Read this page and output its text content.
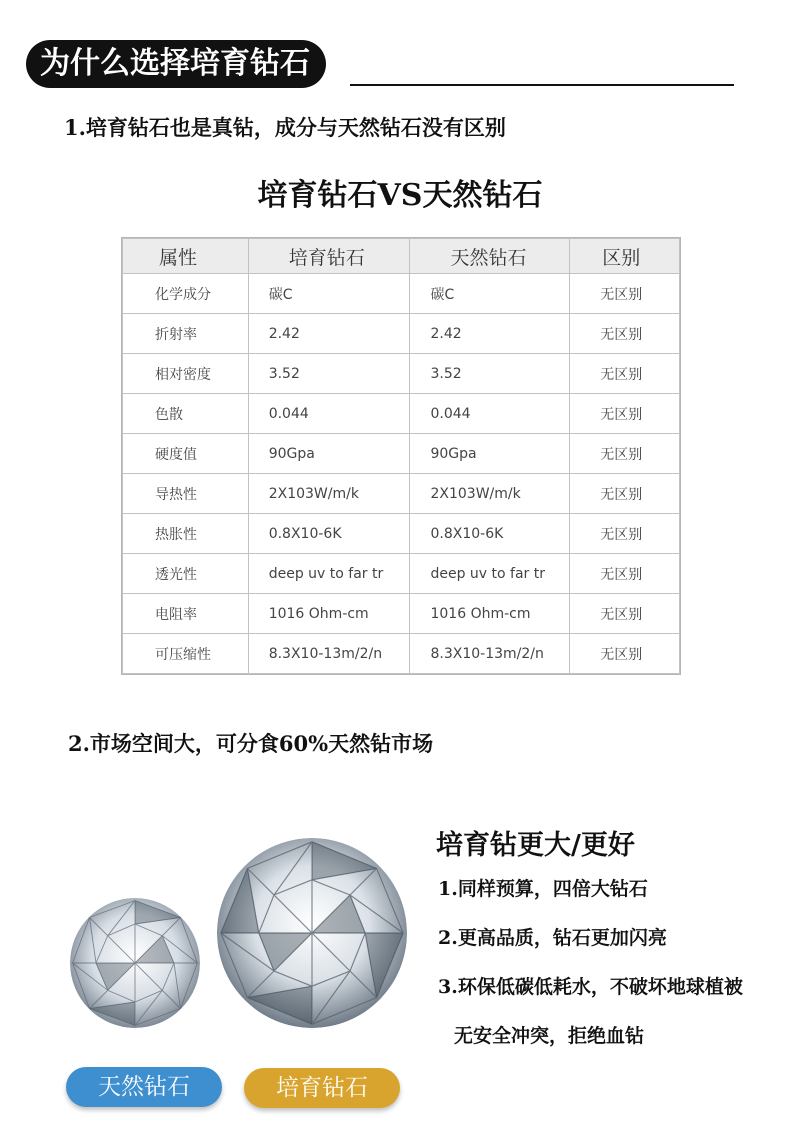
为什么选择培育钻石
1.培育钻石也是真钻，成分与天然钻石没有区别
培育钻石VS天然钻石
属性	培育钻石	天然钻石	区别
化学成分	碳C	碳C	无区别
折射率	2.42	2.42	无区别
相对密度	3.52	3.52	无区别
色散	0.044	0.044	无区别
硬度值	90Gpa	90Gpa	无区别
导热性	2X103W/m/k	2X103W/m/k	无区别
热胀性	0.8X10-6K	0.8X10-6K	无区别
透光性	deep uv to far tr	deep uv to far tr	无区别
电阻率	1016 Ohm-cm	1016 Ohm-cm	无区别
可压缩性	8.3X10-13m/2/n	8.3X10-13m/2/n	无区别
2.市场空间大，可分食60%天然钻市场
天然钻石	培育钻石
培育钻更大/更好
1.同样预算，四倍大钻石
2.更高品质，钻石更加闪亮
3.环保低碳低耗水，不破坏地球植被
无安全冲突，拒绝血钻
